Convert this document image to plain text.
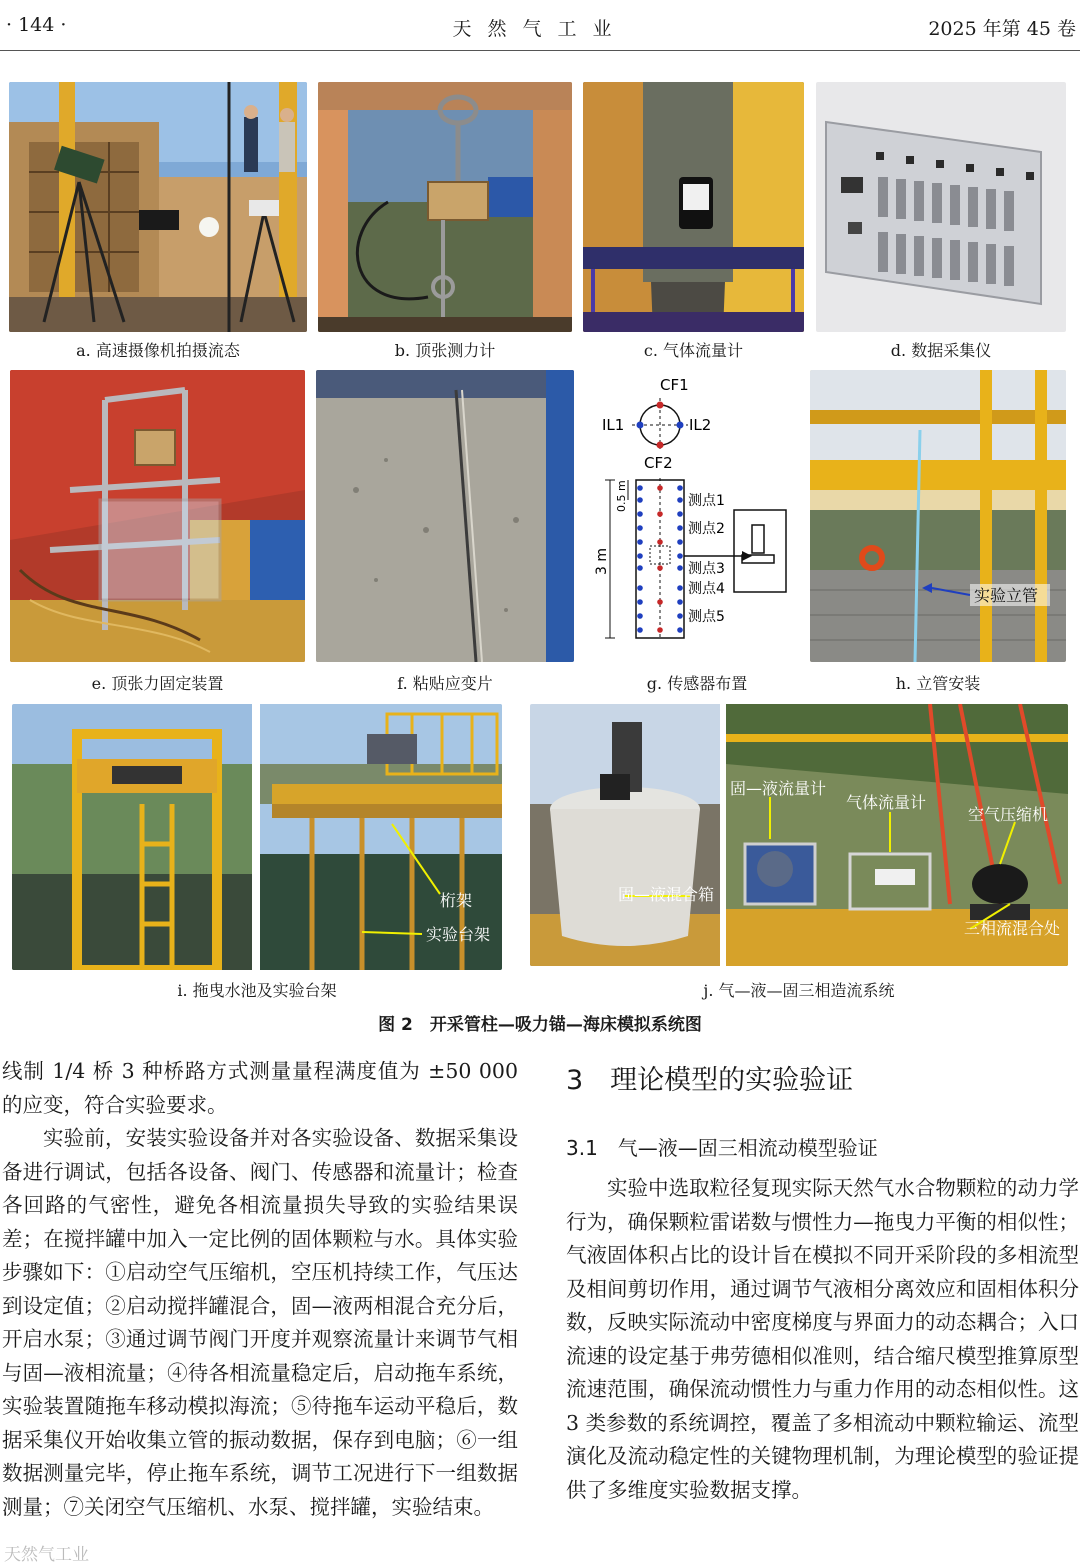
· 144 ·	天然气工业	2025 年第 45 卷
a. 高速摄像机拍摄流态	b. 顶张测力计	c. 气体流量计	d. 数据采集仪
CF1
IL1	IL2
CF2
测点1
测点2
测点3
测点4
测点5
3 m
0.5 m
实验立管
e. 顶张力固定装置	f. 粘贴应变片	g. 传感器布置	h. 立管安装
桁架
实验台架
固—液流量计
气体流量计
空气压缩机
固—液混合箱
三相流混合处
i. 拖曳水池及实验台架	j. 气—液—固三相造流系统
图 2　开采管柱—吸力锚—海床模拟系统图

线制 1/4 桥 3 种桥路方式测量量程满度值为 ±50 000 的应变，符合实验要求。

实验前，安装实验设备并对各实验设备、数据采集设备进行调试，包括各设备、阀门、传感器和流量计；检查各回路的气密性，避免各相流量损失导致的实验结果误差；在搅拌罐中加入一定比例的固体颗粒与水。具体实验步骤如下：①启动空气压缩机，空压机持续工作，气压达到设定值；②启动搅拌罐混合，固—液两相混合充分后，开启水泵；③通过调节阀门开度并观察流量计来调节气相与固—液相流量；④待各相流量稳定后，启动拖车系统，实验装置随拖车移动模拟海流；⑤待拖车运动平稳后，数据采集仪开始收集立管的振动数据，保存到电脑；⑥一组数据测量完毕，停止拖车系统，调节工况进行下一组数据测量；⑦关闭空气压缩机、水泵、搅拌罐，实验结束。

3　理论模型的实验验证
3.1　气—液—固三相流动模型验证

实验中选取粒径复现实际天然气水合物颗粒的动力学行为，确保颗粒雷诺数与惯性力—拖曳力平衡的相似性；气液固体积占比的设计旨在模拟不同开采阶段的多相流型及相间剪切作用，通过调节气液相分离效应和固相体积分数，反映实际流动中密度梯度与界面力的动态耦合；入口流速的设定基于弗劳德相似准则，结合缩尺模型推算原型流速范围，确保流动惯性力与重力作用的动态相似性。这 3 类参数的系统调控，覆盖了多相流动中颗粒输运、流型演化及流动稳定性的关键物理机制，为理论模型的验证提供了多维度实验数据支撑。

天然气工业
